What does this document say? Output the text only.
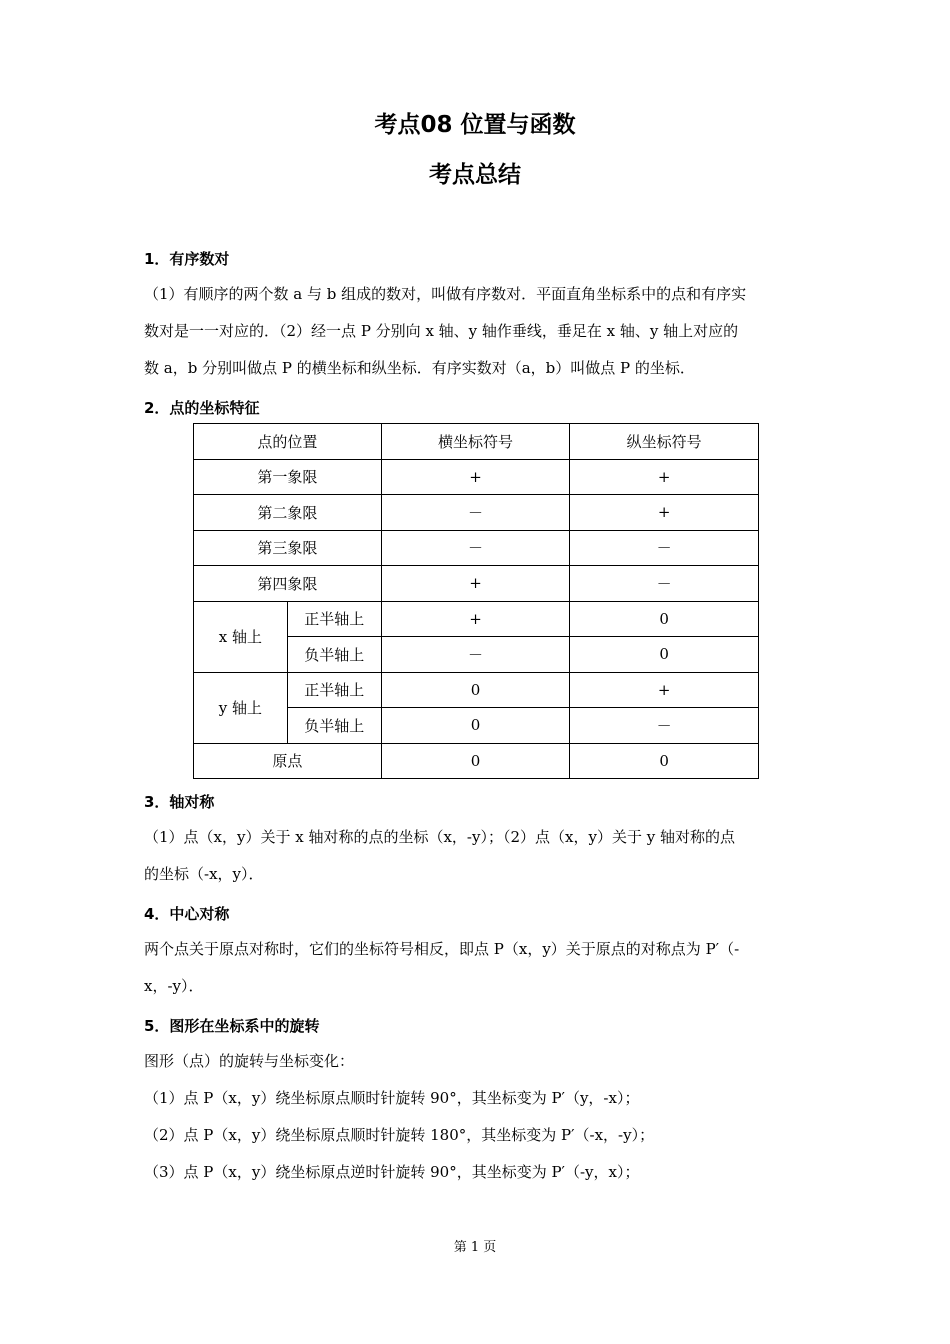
考点08 位置与函数
考点总结
1．有序数对
（1）有顺序的两个数 a 与 b 组成的数对，叫做有序数对．平面直角坐标系中的点和有序实
数对是一一对应的．（2）经一点 P 分别向 x 轴、y 轴作垂线，垂足在 x 轴、y 轴上对应的
数 a，b 分别叫做点 P 的横坐标和纵坐标．有序实数对（a，b）叫做点 P 的坐标．
2．点的坐标特征
点的位置		横坐标符号	纵坐标符号
第一象限		+	+
第二象限		－	+
第三象限		－	－
第四象限		+	－
x 轴上	正半轴上	+	0
	负半轴上	－	0
y 轴上	正半轴上	0	+
	负半轴上	0	－
原点		0	0
3．轴对称
（1）点（x，y）关于 x 轴对称的点的坐标（x，-y）；（2）点（x，y）关于 y 轴对称的点
的坐标（-x，y）．
4．中心对称
两个点关于原点对称时，它们的坐标符号相反，即点 P（x，y）关于原点的对称点为 P′（-
x，-y）．
5．图形在坐标系中的旋转
图形（点）的旋转与坐标变化：
（1）点 P（x，y）绕坐标原点顺时针旋转 90°，其坐标变为 P′（y，-x）；
（2）点 P（x，y）绕坐标原点顺时针旋转 180°，其坐标变为 P′（-x，-y）；
（3）点 P（x，y）绕坐标原点逆时针旋转 90°，其坐标变为 P′（-y，x）；
第 1 页
